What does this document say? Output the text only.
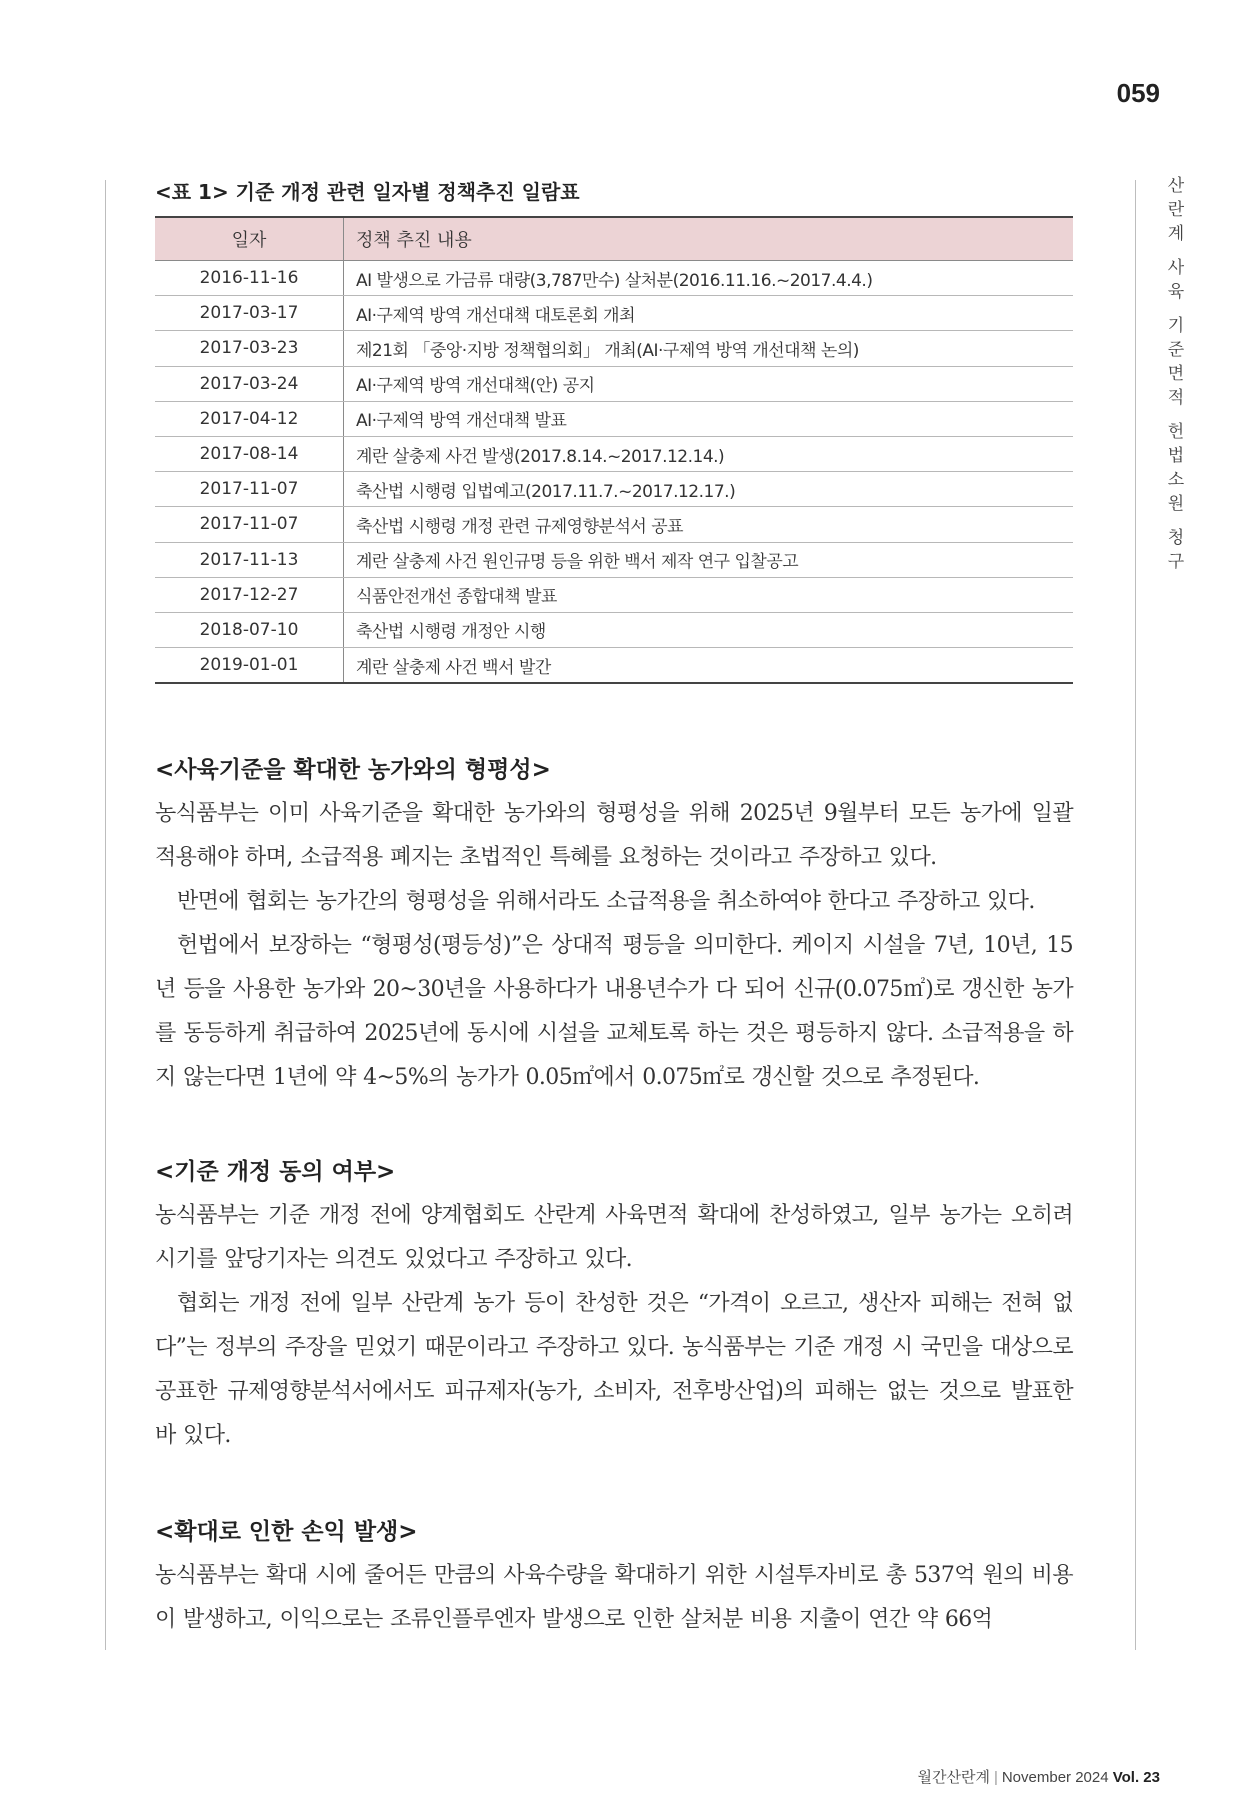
059
산
란
계
사
육
기
준
면
적
헌
법
소
원
청
구
<표 1> 기준 개정 관련 일자별 정책추진 일람표
일자	정책 추진 내용
2016-11-16	AI 발생으로 가금류 대량(3,787만수) 살처분(2016.11.16.~2017.4.4.)
2017-03-17	AI·구제역 방역 개선대책 대토론회 개최
2017-03-23	제21회 「중앙·지방 정책협의회」 개최(AI·구제역 방역 개선대책 논의)
2017-03-24	AI·구제역 방역 개선대책(안) 공지
2017-04-12	AI·구제역 방역 개선대책 발표
2017-08-14	계란 살충제 사건 발생(2017.8.14.~2017.12.14.)
2017-11-07	축산법 시행령 입법예고(2017.11.7.~2017.12.17.)
2017-11-07	축산법 시행령 개정 관련 규제영향분석서 공표
2017-11-13	계란 살충제 사건 원인규명 등을 위한 백서 제작 연구 입찰공고
2017-12-27	식품안전개선 종합대책 발표
2018-07-10	축산법 시행령 개정안 시행
2019-01-01	계란 살충제 사건 백서 발간
<사육기준을 확대한 농가와의 형평성>

농식품부는 이미 사육기준을 확대한 농가와의 형평성을 위해 2025년 9월부터 모든 농가에 일괄 적용해야 하며, 소급적용 폐지는 초법적인 특혜를 요청하는 것이라고 주장하고 있다.

반면에 협회는 농가간의 형평성을 위해서라도 소급적용을 취소하여야 한다고 주장하고 있다.

헌법에서 보장하는 “형평성(평등성)”은 상대적 평등을 의미한다. 케이지 시설을 7년, 10년, 15년 등을 사용한 농가와 20~30년을 사용하다가 내용년수가 다 되어 신규(0.075㎡)로 갱신한 농가를 동등하게 취급하여 2025년에 동시에 시설을 교체토록 하는 것은 평등하지 않다. 소급적용을 하지 않는다면 1년에 약 4~5%의 농가가 0.05㎡에서 0.075㎡로 갱신할 것으로 추정된다.

<기준 개정 동의 여부>

농식품부는 기준 개정 전에 양계협회도 산란계 사육면적 확대에 찬성하였고, 일부 농가는 오히려 시기를 앞당기자는 의견도 있었다고 주장하고 있다.

협회는 개정 전에 일부 산란계 농가 등이 찬성한 것은 “가격이 오르고, 생산자 피해는 전혀 없다”는 정부의 주장을 믿었기 때문이라고 주장하고 있다. 농식품부는 기준 개정 시 국민을 대상으로 공표한 규제영향분석서에서도 피규제자(농가, 소비자, 전후방산업)의 피해는 없는 것으로 발표한 바 있다.

<확대로 인한 손익 발생>

농식품부는 확대 시에 줄어든 만큼의 사육수량을 확대하기 위한 시설투자비로 총 537억 원의 비용이 발생하고, 이익으로는 조류인플루엔자 발생으로 인한 살처분 비용 지출이 연간 약 66억

월간산란계 | November 2024 Vol. 23
